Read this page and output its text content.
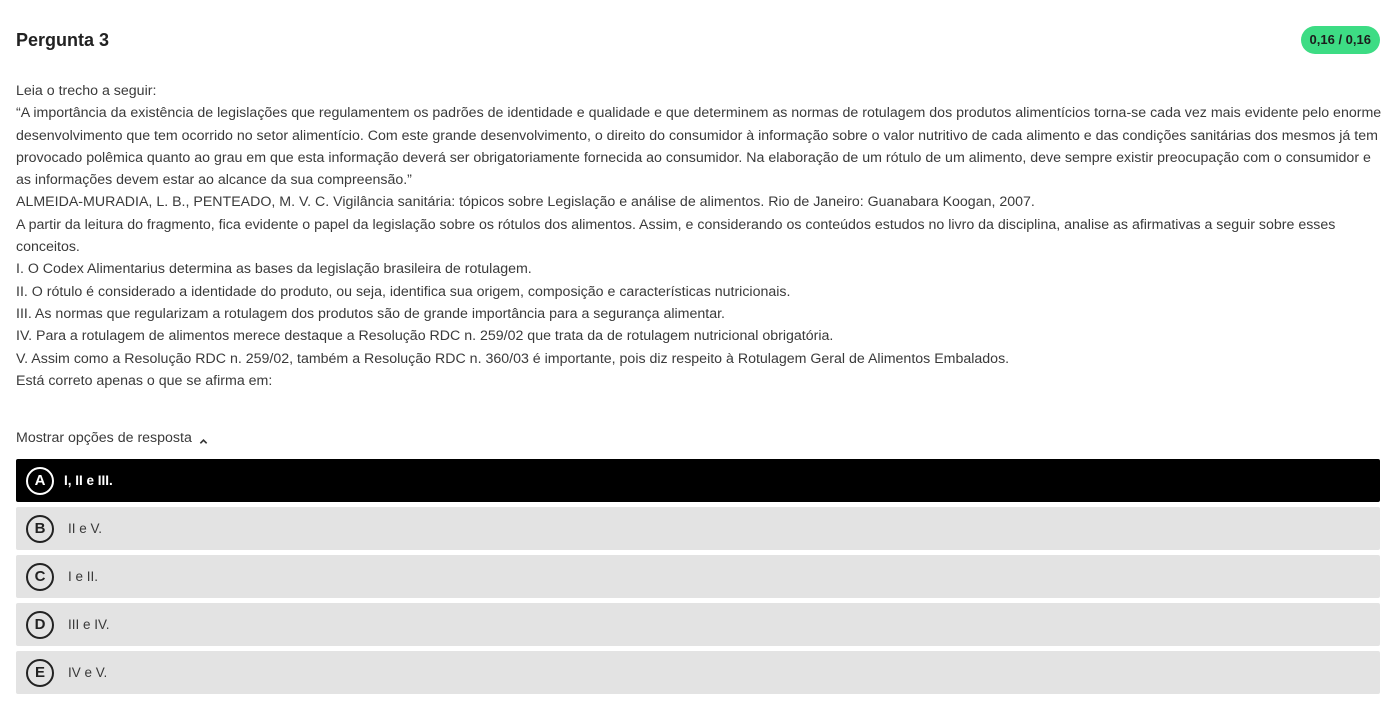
Pergunta 3	0,16 / 0,16

Leia o trecho a seguir:

“A importância da existência de legislações que regulamentem os padrões de identidade e qualidade e que determinem as normas de rotulagem dos produtos alimentícios torna-se cada vez mais evidente pelo enorme desenvolvimento que tem ocorrido no setor alimentício. Com este grande desenvolvimento, o direito do consumidor à informação sobre o valor nutritivo de cada alimento e das condições sanitárias dos mesmos já tem provocado polêmica quanto ao grau em que esta informação deverá ser obrigatoriamente fornecida ao consumidor. Na elaboração de um rótulo de um alimento, deve sempre existir preocupação com o consumidor e as informações devem estar ao alcance da sua compreensão.”

ALMEIDA-MURADIA, L. B., PENTEADO, M. V. C. Vigilância sanitária: tópicos sobre Legislação e análise de alimentos. Rio de Janeiro: Guanabara Koogan, 2007.

A partir da leitura do fragmento, fica evidente o papel da legislação sobre os rótulos dos alimentos. Assim, e considerando os conteúdos estudos no livro da disciplina, analise as afirmativas a seguir sobre esses conceitos.

I. O Codex Alimentarius determina as bases da legislação brasileira de rotulagem.

II. O rótulo é considerado a identidade do produto, ou seja, identifica sua origem, composição e características nutricionais.

III. As normas que regularizam a rotulagem dos produtos são de grande importância para a segurança alimentar.

IV. Para a rotulagem de alimentos merece destaque a Resolução RDC n. 259/02 que trata da de rotulagem nutricional obrigatória.

V. Assim como a Resolução RDC n. 259/02, também a Resolução RDC n. 360/03 é importante, pois diz respeito à Rotulagem Geral de Alimentos Embalados.

Está correto apenas o que se afirma em:

Mostrar opções de resposta
A	I, II e III.
B	II e V.
C	I e II.
D	III e IV.
E	IV e V.
